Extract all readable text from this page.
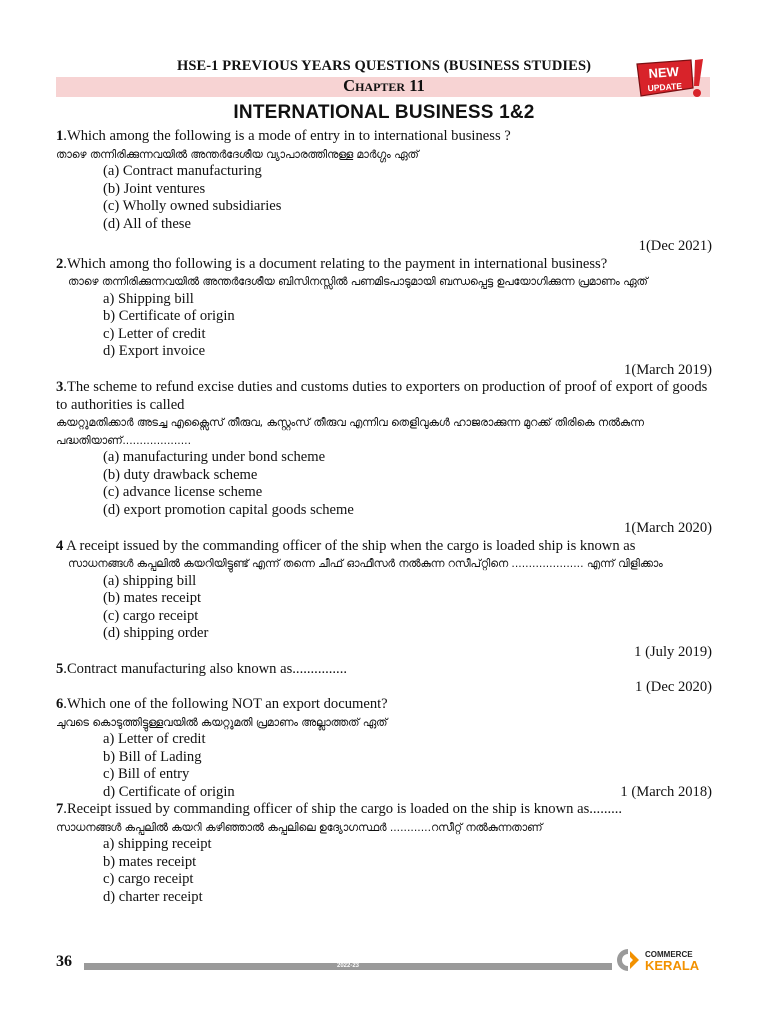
HSE-1 PREVIOUS YEARS QUESTIONS (BUSINESS STUDIES)
Chapter 11
NEW
UPDATE
INTERNATIONAL BUSINESS 1&2

1.Which among the following is a mode of entry in to international business ?

താഴെ തന്നിരിക്കുന്നവയിൽ അന്തർദേശീയ വ്യാപാരത്തിനുള്ള മാർഗ്ഗം ഏത്

(a) Contract manufacturing
(b) Joint ventures
(c) Wholly owned subsidiaries
(d) All of these

1(Dec 2021)

2.Which among tho following is a document relating to the payment in international business?

താഴെ തന്നിരിക്കുന്നവയിൽ അന്തർദേശീയ ബിസിനസ്സിൽ പണമിടപാടുമായി ബന്ധപ്പെട്ട ഉപയോഗിക്കുന്ന പ്രമാണം ഏത്

a) Shipping bill
b) Certificate of origin
c) Letter of credit
d) Export invoice

1(March 2019)

3.The scheme to refund excise duties and customs duties to exporters on production of proof of export of goods to authorities is called

കയറ്റുമതിക്കാർ അടച്ച എക്സൈസ് തീരുവ, കസ്റ്റംസ് തീരുവ എന്നിവ തെളിവുകൾ ഹാജരാക്കുന്ന മുറക്ക് തിരികെ നൽകുന്ന പദ്ധതിയാണ്....................

(a) manufacturing under bond scheme
(b) duty drawback scheme
(c) advance license scheme
(d) export promotion capital goods scheme

1(March 2020)

4 A receipt issued by the commanding officer of the ship when the cargo is loaded ship is known as

സാധനങ്ങൾ കപ്പലിൽ കയറിയിട്ടുണ്ട് എന്ന് തന്നെ ചീഫ് ഓഫീസർ നൽകുന്ന റസീപ്റ്റിനെ ..................... എന്ന് വിളിക്കാം

(a) shipping bill
(b) mates receipt
(c) cargo receipt
(d) shipping order

1 (July 2019)

5.Contract manufacturing also known as...............

1 (Dec 2020)

6.Which one of the following NOT an export document?

ചുവടെ കൊടുത്തിട്ടുള്ളവയിൽ കയറ്റുമതി പ്രമാണം അല്ലാത്തത് ഏത്

a) Letter of credit
b) Bill of Lading
c) Bill of entry
d) Certificate of origin	1 (March 2018)

7.Receipt issued by commanding officer of ship the cargo is loaded on the ship is known as.........

സാധനങ്ങൾ കപ്പലിൽ കയറി കഴിഞ്ഞാൽ കപ്പലിലെ ഉദ്യോഗസ്ഥർ ............റസീറ്റ് നൽകുന്നതാണ്

a) shipping receipt
b) mates receipt
c) cargo receipt
d) charter receipt
36	2022-23
COMMERCE
KERALA
